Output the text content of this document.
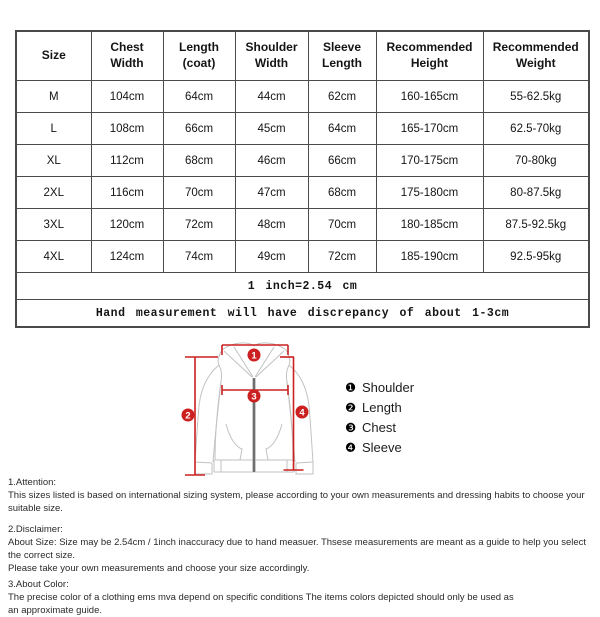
Size	Chest Width	Length (coat)	Shoulder Width	Sleeve Length	Recommended Height	Recommended Weight
M	104cm	64cm	44cm	62cm	160-165cm	55-62.5kg
L	108cm	66cm	45cm	64cm	165-170cm	62.5-70kg
XL	112cm	68cm	46cm	66cm	170-175cm	70-80kg
2XL	116cm	70cm	47cm	68cm	175-180cm	80-87.5kg
3XL	120cm	72cm	48cm	70cm	180-185cm	87.5-92.5kg
4XL	124cm	74cm	49cm	72cm	185-190cm	92.5-95kg
1 inch=2.54 cm						
Hand measurement will have discrepancy of about 1-3cm						
1
2
3
4
❶ Shoulder
❷ Length
❸ Chest
❹ Sleeve
1.Attention:
This sizes listed is based on international sizing system, please according to your own measurements and dressing habits to choose your suitable size.
2.Disclaimer:
About Size: Size may be 2.54cm / 1inch inaccuracy due to hand measuer. Thsese measurements are meant as a guide to help you select the correct size.
Please take your own measurements and choose your size accordingly.
3.About Color:
The precise color of a clothing ems mva depend on specific conditions The items colors depicted should only be used as
an approximate guide.
